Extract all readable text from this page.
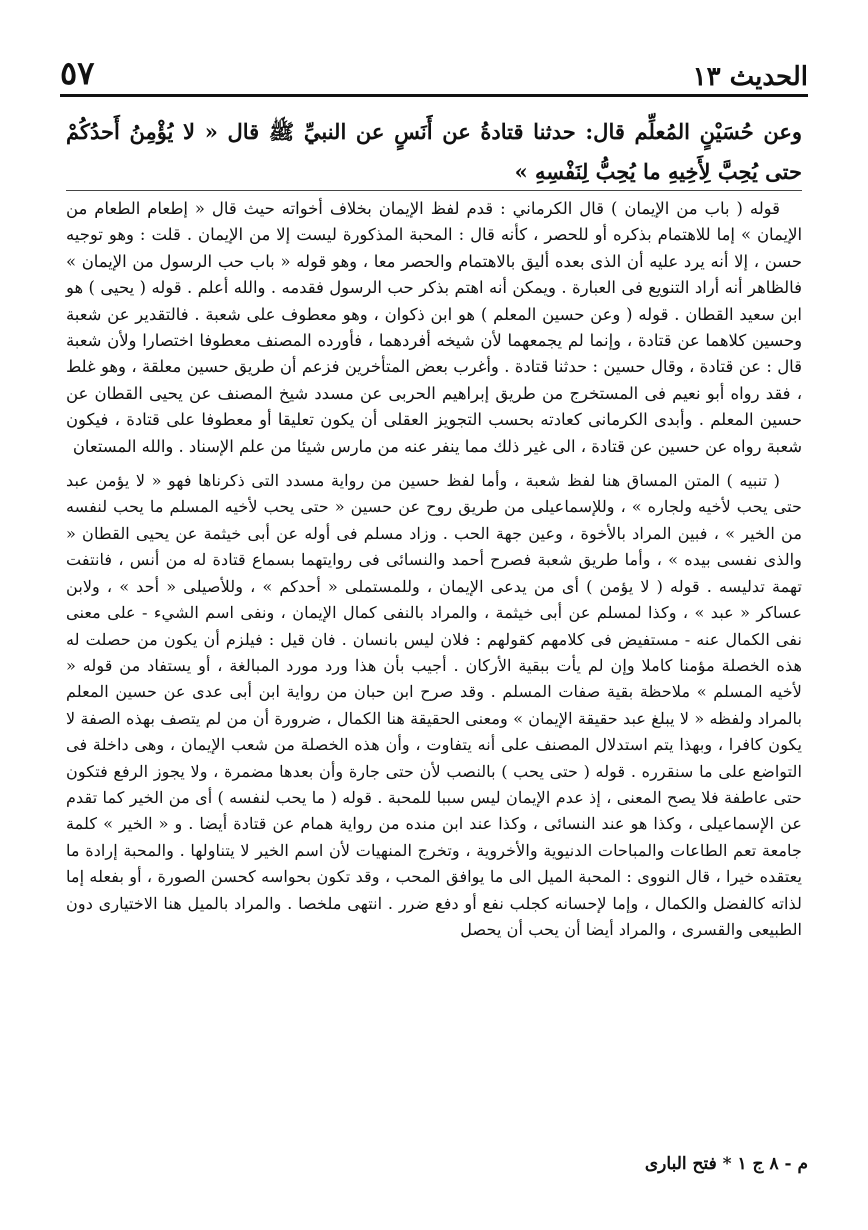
الحديث ١٣
٥٧
وعن حُسَيْنٍ المُعلِّم قال: حدثنا قتادةُ عن أَنَسٍ عن النبيِّ ﷺ قال « لا يُؤْمِنُ أَحدُكُمْ حتى يُحِبَّ لِأَخِيهِ ما يُحِبُّ لِنَفْسِهِ »

قوله ( باب من الإيمان ) قال الكرماني : قدم لفظ الإيمان بخلاف أخواته حيث قال « إطعام الطعام من الإيمان » إما للاهتمام بذكره أو للحصر ، كأنه قال : المحبة المذكورة ليست إلا من الإيمان . قلت : وهو توجيه حسن ، إلا أنه يرد عليه أن الذى بعده أليق بالاهتمام والحصر معا ، وهو قوله « باب حب الرسول من الإيمان » فالظاهر أنه أراد التنويع فى العبارة . ويمكن أنه اهتم بذكر حب الرسول فقدمه . والله أعلم . قوله ( يحيى ) هو ابن سعيد القطان . قوله ( وعن حسين المعلم ) هو ابن ذكوان ، وهو معطوف على شعبة . فالتقدير عن شعبة وحسين كلاهما عن قتادة ، وإنما لم يجمعهما لأن شيخه أفردهما ، فأورده المصنف معطوفا اختصارا ولأن شعبة قال : عن قتادة ، وقال حسين : حدثنا قتادة . وأغرب بعض المتأخرين فزعم أن طريق حسين معلقة ، وهو غلط ، فقد رواه أبو نعيم فى المستخرج من طريق إبراهيم الحربى عن مسدد شيخ المصنف عن يحيى القطان عن حسين المعلم . وأبدى الكرمانى كعادته بحسب التجويز العقلى أن يكون تعليقا أو معطوفا على قتادة ، فيكون شعبة رواه عن حسين عن قتادة ، الى غير ذلك مما ينفر عنه من مارس شيئا من علم الإسناد . والله المستعان

( تنبيه ) المتن المساق هنا لفظ شعبة ، وأما لفظ حسين من رواية مسدد التى ذكرناها فهو « لا يؤمن عبد حتى يحب لأخيه ولجاره » ، وللإسماعيلى من طريق روح عن حسين « حتى يحب لأخيه المسلم ما يحب لنفسه من الخير » ، فبين المراد بالأخوة ، وعين جهة الحب . وزاد مسلم فى أوله عن أبى خيثمة عن يحيى القطان « والذى نفسى بيده » ، وأما طريق شعبة فصرح أحمد والنسائى فى روايتهما بسماع قتادة له من أنس ، فانتفت تهمة تدليسه . قوله ( لا يؤمن ) أى من يدعى الإيمان ، وللمستملى « أحدكم » ، وللأصيلى « أحد » ، ولابن عساكر « عبد » ، وكذا لمسلم عن أبى خيثمة ، والمراد بالنفى كمال الإيمان ، ونفى اسم الشيء - على معنى نفى الكمال عنه - مستفيض فى كلامهم كقولهم : فلان ليس بانسان . فان قيل : فيلزم أن يكون من حصلت له هذه الخصلة مؤمنا كاملا وإن لم يأت ببقية الأركان . أجيب بأن هذا ورد مورد المبالغة ، أو يستفاد من قوله « لأخيه المسلم » ملاحظة بقية صفات المسلم . وقد صرح ابن حبان من رواية ابن أبى عدى عن حسين المعلم بالمراد ولفظه « لا يبلغ عبد حقيقة الإيمان » ومعنى الحقيقة هنا الكمال ، ضرورة أن من لم يتصف بهذه الصفة لا يكون كافرا ، وبهذا يتم استدلال المصنف على أنه يتفاوت ، وأن هذه الخصلة من شعب الإيمان ، وهى داخلة فى التواضع على ما سنقرره . قوله ( حتى يحب ) بالنصب لأن حتى جارة وأن بعدها مضمرة ، ولا يجوز الرفع فتكون حتى عاطفة فلا يصح المعنى ، إذ عدم الإيمان ليس سببا للمحبة . قوله ( ما يحب لنفسه ) أى من الخير كما تقدم عن الإسماعيلى ، وكذا هو عند النسائى ، وكذا عند ابن منده من رواية همام عن قتادة أيضا . و « الخير » كلمة جامعة تعم الطاعات والمباحات الدنيوية والأخروية ، وتخرج المنهيات لأن اسم الخير لا يتناولها . والمحبة إرادة ما يعتقده خيرا ، قال النووى : المحبة الميل الى ما يوافق المحب ، وقد تكون بحواسه كحسن الصورة ، أو بفعله إما لذاته كالفضل والكمال ، وإما لإحسانه كجلب نفع أو دفع ضرر . انتهى ملخصا . والمراد بالميل هنا الاختيارى دون الطبيعى والقسرى ، والمراد أيضا أن يحب أن يحصل

م - ٨ ج ١ * فتح البارى
